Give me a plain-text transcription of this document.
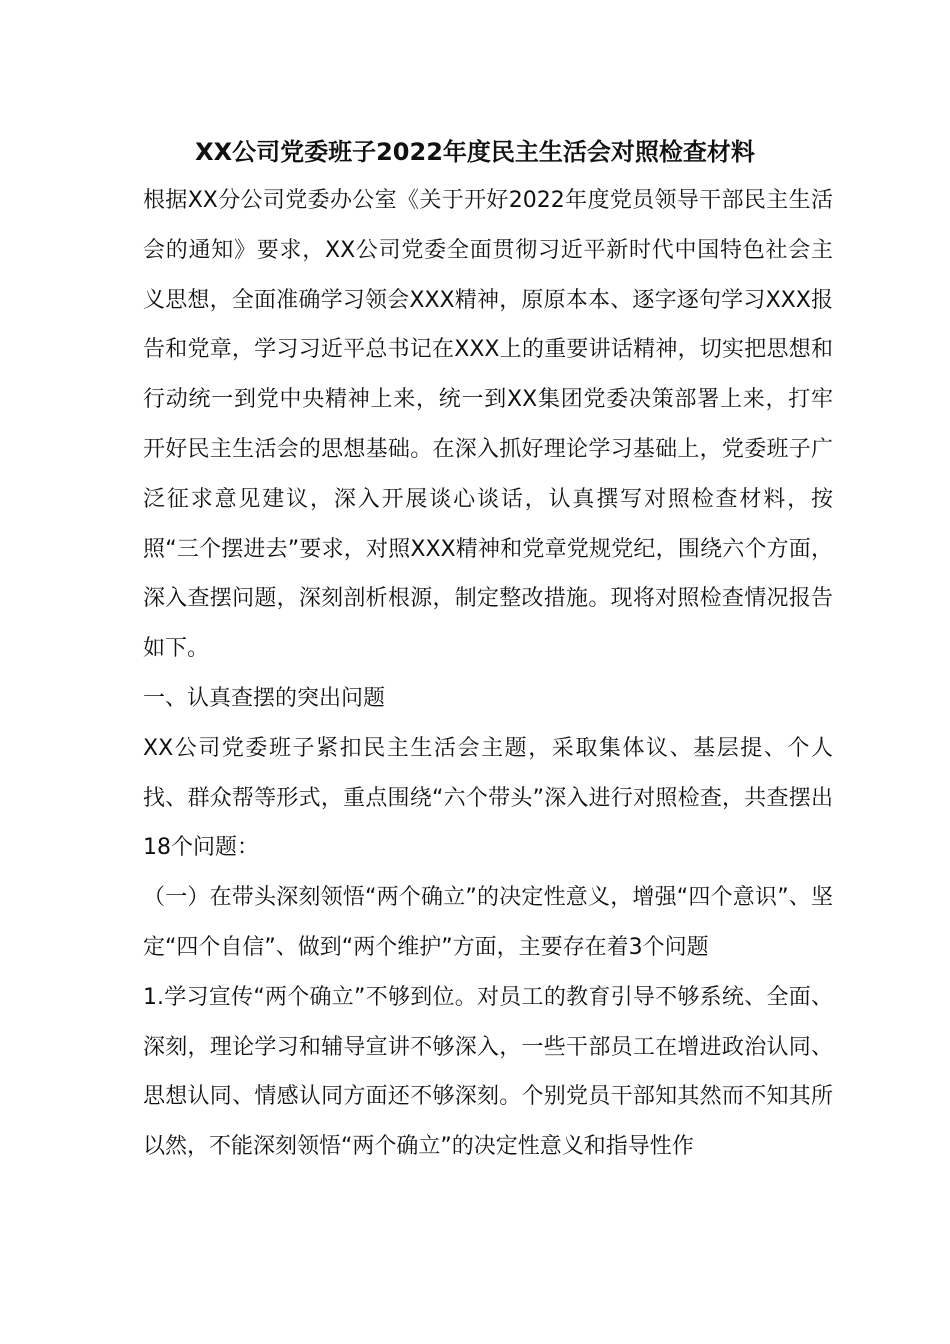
XX公司党委班子2022年度民主生活会对照检查材料

根据XX分公司党委办公室《关于开好2022年度党员领导干部民主生活会的通知》要求，XX公司党委全面贯彻习近平新时代中国特色社会主义思想，全面准确学习领会XXX精神，原原本本、逐字逐句学习XXX报告和党章，学习习近平总书记在XXX上的重要讲话精神，切实把思想和行动统一到党中央精神上来，统一到XX集团党委决策部署上来，打牢开好民主生活会的思想基础。在深入抓好理论学习基础上，党委班子广泛征求意见建议，深入开展谈心谈话，认真撰写对照检查材料，按照“三个摆进去”要求，对照XXX精神和党章党规党纪，围绕六个方面，深入查摆问题，深刻剖析根源，制定整改措施。现将对照检查情况报告如下。

一、认真查摆的突出问题

XX公司党委班子紧扣民主生活会主题，采取集体议、基层提、个人找、群众帮等形式，重点围绕“六个带头”深入进行对照检查，共查摆出18个问题：

（一）在带头深刻领悟“两个确立”的决定性意义，增强“四个意识”、坚定“四个自信”、做到“两个维护”方面，主要存在着3个问题

1.学习宣传“两个确立”不够到位。对员工的教育引导不够系统、全面、深刻，理论学习和辅导宣讲不够深入，一些干部员工在增进政治认同、思想认同、情感认同方面还不够深刻。个别党员干部知其然而不知其所以然，不能深刻领悟“两个确立”的决定性意义和指导性作
